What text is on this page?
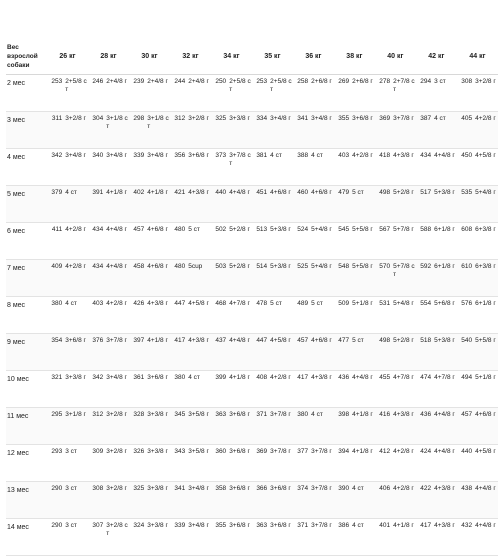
Вес взрослой собаки	26 кг		28 кг		30 кг		32 кг		34 кг		35 кг		36 кг		38 кг		40 кг		42 кг		44 кг	
2 мес	253	2+5/8 ст	246	2+4/8 г	239	2+4/8 г	244	2+4/8 г	250	2+5/8 ст	253	2+5/8 ст	258	2+6/8 г	269	2+6/8 г	278	2+7/8 ст	294	3 ст	308	3+2/8 г
3 мес	311	3+2/8 г	304	3+1/8 ст	298	3+1/8 ст	312	3+2/8 г	325	3+3/8 г	334	3+4/8 г	341	3+4/8 г	355	3+6/8 г	369	3+7/8 г	387	4 ст	405	4+2/8 г
4 мес	342	3+4/8 г	340	3+4/8 г	339	3+4/8 г	356	3+6/8 г	373	3+7/8 ст	381	4 ст	388	4 ст	403	4+2/8 г	418	4+3/8 г	434	4+4/8 г	450	4+5/8 г
5 мес	379	4 ст	391	4+1/8 г	402	4+1/8 г	421	4+3/8 г	440	4+4/8 г	451	4+6/8 г	460	4+6/8 г	479	5 ст	498	5+2/8 г	517	5+3/8 г	535	5+4/8 г
6 мес	411	4+2/8 г	434	4+4/8 г	457	4+6/8 г	480	5 ст	502	5+2/8 г	513	5+3/8 г	524	5+4/8 г	545	5+5/8 г	567	5+7/8 г	588	6+1/8 г	608	6+3/8 г
7 мес	409	4+2/8 г	434	4+4/8 г	458	4+6/8 г	480	5cup	503	5+2/8 г	514	5+3/8 г	525	5+4/8 г	548	5+5/8 г	570	5+7/8 ст	592	6+1/8 г	610	6+3/8 г
8 мес	380	4 ст	403	4+2/8 г	426	4+3/8 г	447	4+5/8 г	468	4+7/8 г	478	5 ст	489	5 ст	509	5+1/8 г	531	5+4/8 г	554	5+6/8 г	576	6+1/8 г
9 мес	354	3+6/8 г	376	3+7/8 г	397	4+1/8 г	417	4+3/8 г	437	4+4/8 г	447	4+5/8 г	457	4+6/8 г	477	5 ст	498	5+2/8 г	518	5+3/8 г	540	5+5/8 г
10 мес	321	3+3/8 г	342	3+4/8 г	361	3+6/8 г	380	4 ст	399	4+1/8 г	408	4+2/8 г	417	4+3/8 г	436	4+4/8 г	455	4+7/8 г	474	4+7/8 г	494	5+1/8 г
11 мес	295	3+1/8 г	312	3+2/8 г	328	3+3/8 г	345	3+5/8 г	363	3+6/8 г	371	3+7/8 г	380	4 ст	398	4+1/8 г	416	4+3/8 г	436	4+4/8 г	457	4+6/8 г
12 мес	293	3 ст	309	3+2/8 г	326	3+3/8 г	343	3+5/8 г	360	3+6/8 г	369	3+7/8 г	377	3+7/8 г	394	4+1/8 г	412	4+2/8 г	424	4+4/8 г	440	4+5/8 г
13 мес	290	3 ст	308	3+2/8 г	325	3+3/8 г	341	3+4/8 г	358	3+6/8 г	366	3+6/8 г	374	3+7/8 г	390	4 ст	406	4+2/8 г	422	4+3/8 г	438	4+4/8 г
14 мес	290	3 ст	307	3+2/8 ст	324	3+3/8 г	339	3+4/8 г	355	3+6/8 г	363	3+6/8 г	371	3+7/8 г	386	4 ст	401	4+1/8 г	417	4+3/8 г	432	4+4/8 г
